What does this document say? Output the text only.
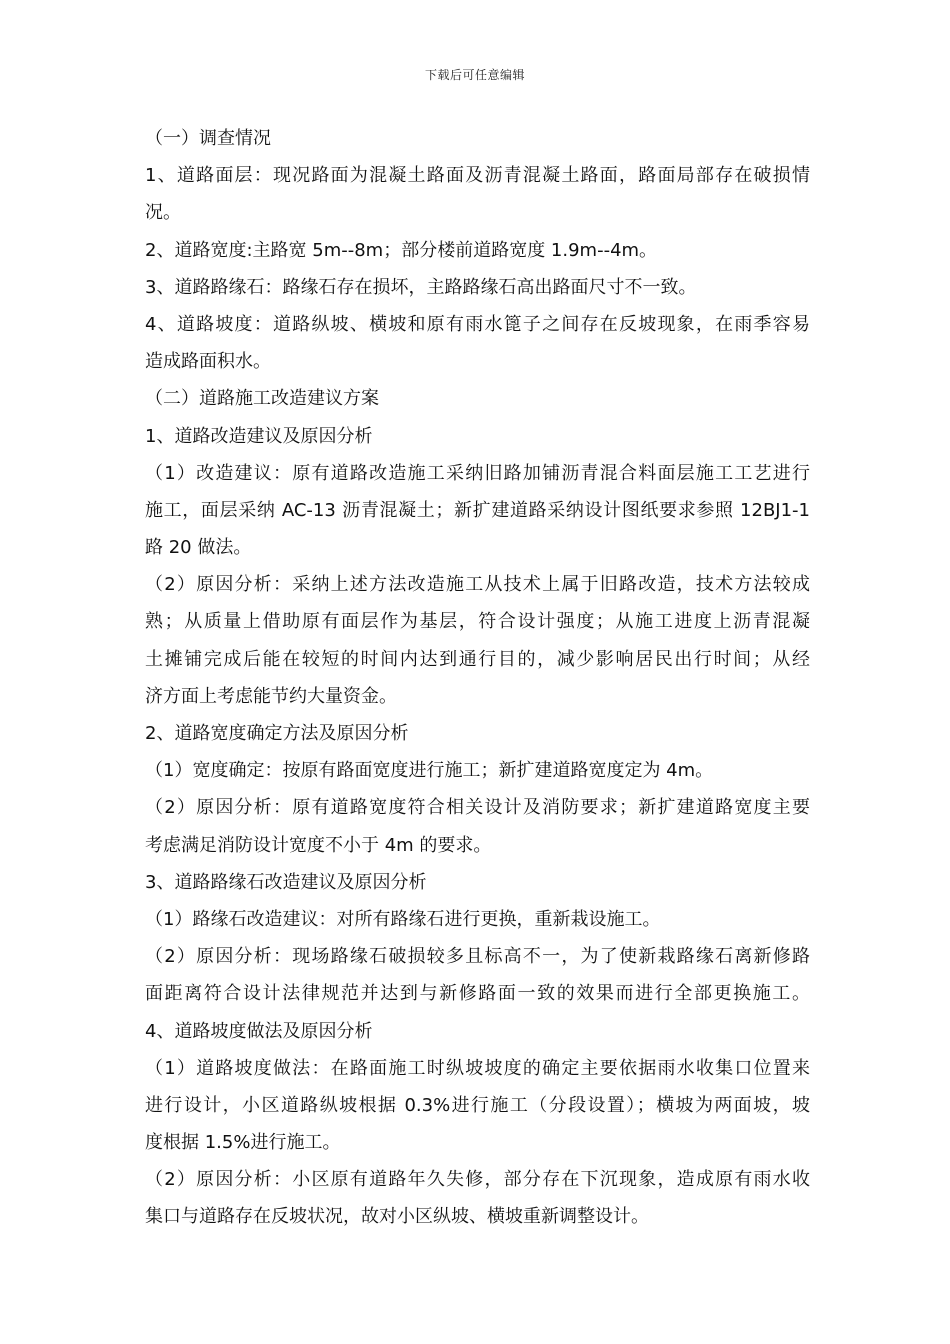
下载后可任意编辑
（一）调查情况
1、道路面层：现况路面为混凝土路面及沥青混凝土路面，路面局部存在破损情
况。
2、道路宽度:主路宽 5m--8m；部分楼前道路宽度 1.9m--4m。
3、道路路缘石：路缘石存在损坏，主路路缘石高出路面尺寸不一致。
4、道路坡度：道路纵坡、横坡和原有雨水篦子之间存在反坡现象，在雨季容易
造成路面积水。
（二）道路施工改造建议方案
1、道路改造建议及原因分析
（1）改造建议：原有道路改造施工采纳旧路加铺沥青混合料面层施工工艺进行
施工，面层采纳 AC-13 沥青混凝土；新扩建道路采纳设计图纸要求参照 12BJ1-1
路 20 做法。
（2）原因分析：采纳上述方法改造施工从技术上属于旧路改造，技术方法较成
熟；从质量上借助原有面层作为基层，符合设计强度；从施工进度上沥青混凝
土摊铺完成后能在较短的时间内达到通行目的，减少影响居民出行时间；从经
济方面上考虑能节约大量资金。
2、道路宽度确定方法及原因分析
（1）宽度确定：按原有路面宽度进行施工；新扩建道路宽度定为 4m。
（2）原因分析：原有道路宽度符合相关设计及消防要求；新扩建道路宽度主要
考虑满足消防设计宽度不小于 4m 的要求。
3、道路路缘石改造建议及原因分析
（1）路缘石改造建议：对所有路缘石进行更换，重新栽设施工。
（2）原因分析：现场路缘石破损较多且标高不一，为了使新栽路缘石离新修路
面距离符合设计法律规范并达到与新修路面一致的效果而进行全部更换施工。
4、道路坡度做法及原因分析
（1）道路坡度做法：在路面施工时纵坡坡度的确定主要依据雨水收集口位置来
进行设计，小区道路纵坡根据 0.3%进行施工（分段设置）；横坡为两面坡，坡
度根据 1.5%进行施工。
（2）原因分析：小区原有道路年久失修，部分存在下沉现象，造成原有雨水收
集口与道路存在反坡状况，故对小区纵坡、横坡重新调整设计。
